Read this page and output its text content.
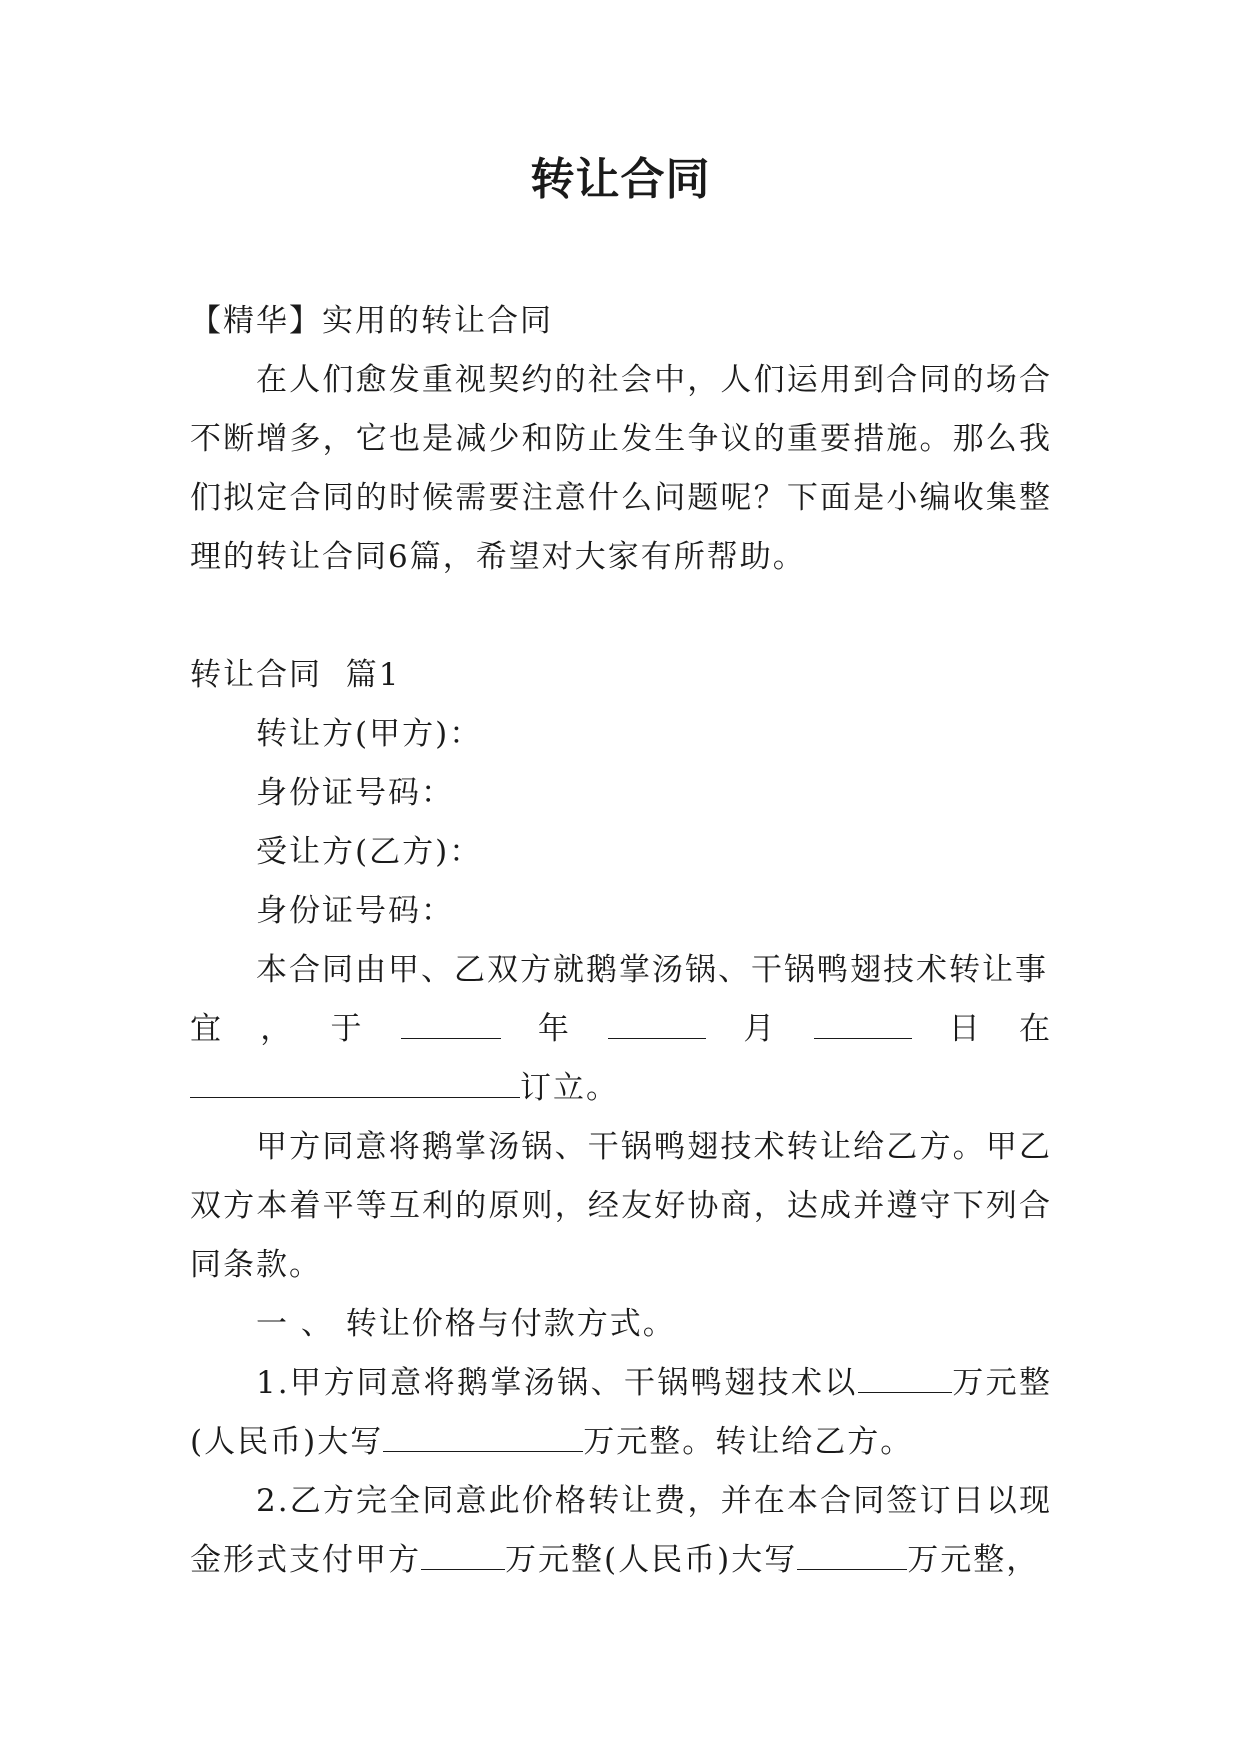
转让合同

【精华】实用的转让合同

在人们愈发重视契约的社会中，人们运用到合同的场合不断增多，它也是减少和防止发生争议的重要措施。那么我们拟定合同的时候需要注意什么问题呢？下面是小编收集整理的转让合同6篇，希望对大家有所帮助。

转让合同  篇1

转让方(甲方)：

身份证号码：

受让方(乙方)：

身份证号码：

本合同由甲、乙双方就鹅掌汤锅、干锅鸭翅技术转让事

宜 ， 于	年	月	日 在

订立。

甲方同意将鹅掌汤锅、干锅鸭翅技术转让给乙方。甲乙双方本着平等互利的原则，经友好协商，达成并遵守下列合同条款。

一 、 转让价格与付款方式。

1.甲方同意将鹅掌汤锅、干锅鸭翅技术以	万元整(人民币)大写	万元整。转让给乙方。

2.乙方完全同意此价格转让费，并在本合同签订日以现金形式支付甲方	万元整(人民币)大写	万元整，
